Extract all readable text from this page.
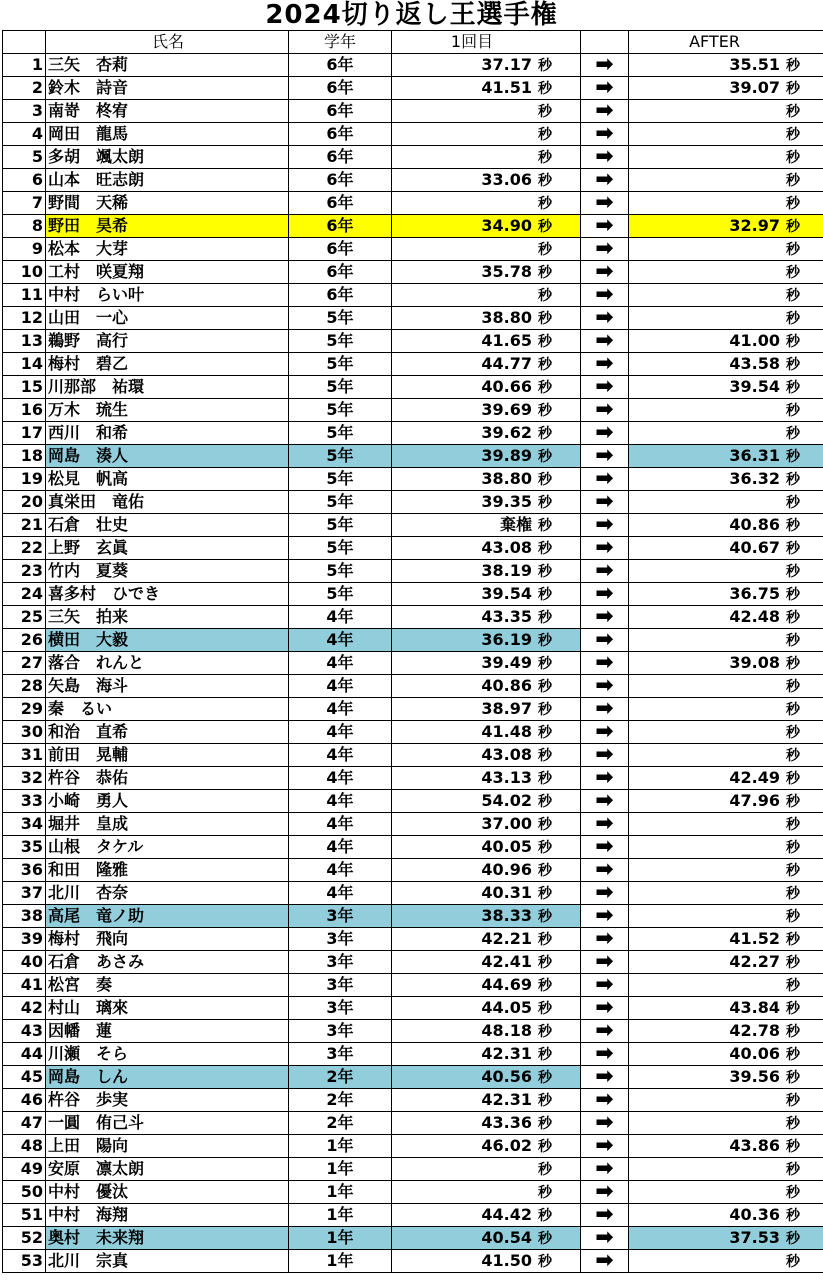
2024切り返し王選手権
	氏名	学年	1回目		AFTER
1	三矢　杏莉	6年	37.17 秒	➡	35.51 秒
2	鈴木　詩音	6年	41.51 秒	➡	39.07 秒
3	南嵜　柊宥	6年	秒	➡	秒
4	岡田　龍馬	6年	秒	➡	秒
5	多胡　颯太朗	6年	秒	➡	秒
6	山本　旺志朗	6年	33.06 秒	➡	秒
7	野間　天稀	6年	秒	➡	秒
8	野田　昊希	6年	34.90 秒	➡	32.97 秒
9	松本　大芽	6年	秒	➡	秒
10	工村　咲夏翔	6年	35.78 秒	➡	秒
11	中村　らい叶	6年	秒	➡	秒
12	山田　一心	5年	38.80 秒	➡	秒
13	鵜野　高行	5年	41.65 秒	➡	41.00 秒
14	梅村　碧乙	5年	44.77 秒	➡	43.58 秒
15	川那部　祐環	5年	40.66 秒	➡	39.54 秒
16	万木　琉生	5年	39.69 秒	➡	秒
17	西川　和希	5年	39.62 秒	➡	秒
18	岡島　湊人	5年	39.89 秒	➡	36.31 秒
19	松見　帆高	5年	38.80 秒	➡	36.32 秒
20	真栄田　竜佑	5年	39.35 秒	➡	秒
21	石倉　壮史	5年	棄権 秒	➡	40.86 秒
22	上野　玄眞	5年	43.08 秒	➡	40.67 秒
23	竹内　夏葵	5年	38.19 秒	➡	秒
24	喜多村　ひでき	5年	39.54 秒	➡	36.75 秒
25	三矢　拍来	4年	43.35 秒	➡	42.48 秒
26	横田　大毅	4年	36.19 秒	➡	秒
27	落合　れんと	4年	39.49 秒	➡	39.08 秒
28	矢島　海斗	4年	40.86 秒	➡	秒
29	秦　るい	4年	38.97 秒	➡	秒
30	和治　直希	4年	41.48 秒	➡	秒
31	前田　晃輔	4年	43.08 秒	➡	秒
32	杵谷　恭佑	4年	43.13 秒	➡	42.49 秒
33	小崎　勇人	4年	54.02 秒	➡	47.96 秒
34	堀井　皇成	4年	37.00 秒	➡	秒
35	山根　タケル	4年	40.05 秒	➡	秒
36	和田　隆雅	4年	40.96 秒	➡	秒
37	北川　杏奈	4年	40.31 秒	➡	秒
38	高尾　竜ノ助	3年	38.33 秒	➡	秒
39	梅村　飛向	3年	42.21 秒	➡	41.52 秒
40	石倉　あさみ	3年	42.41 秒	➡	42.27 秒
41	松宮　奏	3年	44.69 秒	➡	秒
42	村山　璃來	3年	44.05 秒	➡	43.84 秒
43	因幡　蓮	3年	48.18 秒	➡	42.78 秒
44	川瀬　そら	3年	42.31 秒	➡	40.06 秒
45	岡島　しん	2年	40.56 秒	➡	39.56 秒
46	杵谷　歩実	2年	42.31 秒	➡	秒
47	一圓　侑己斗	2年	43.36 秒	➡	秒
48	上田　陽向	1年	46.02 秒	➡	43.86 秒
49	安原　凛太朗	1年	秒	➡	秒
50	中村　優汰	1年	秒	➡	秒
51	中村　海翔	1年	44.42 秒	➡	40.36 秒
52	奥村　未来翔	1年	40.54 秒	➡	37.53 秒
53	北川　宗真	1年	41.50 秒	➡	秒
